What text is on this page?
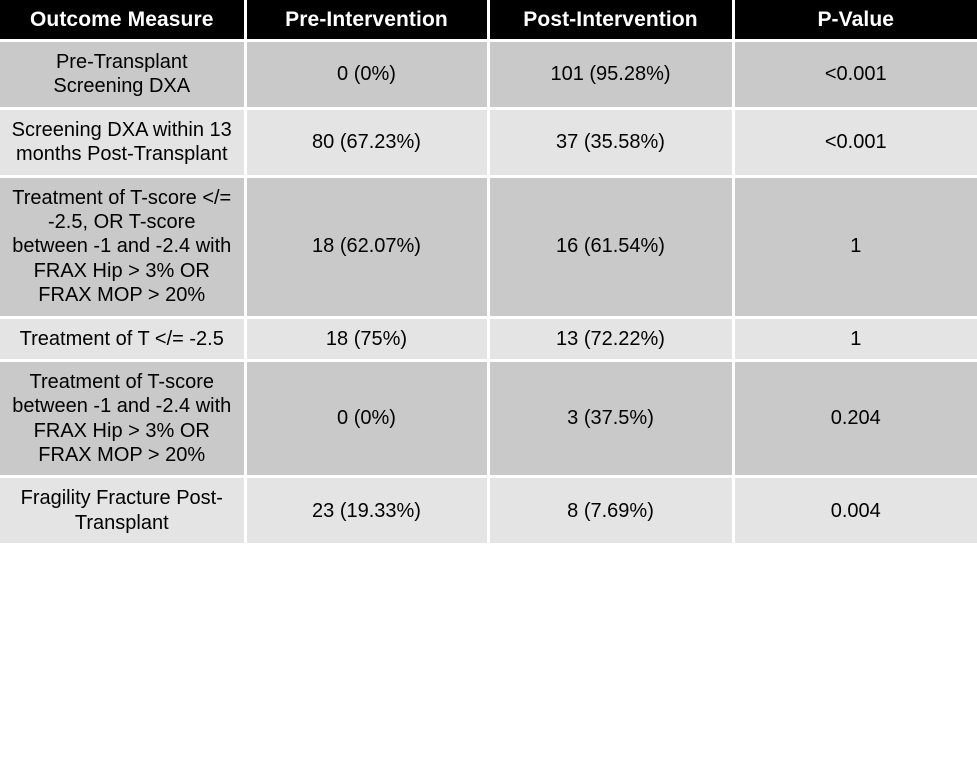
Outcome Measure	Pre-Intervention	Post-Intervention	P-Value
Pre-Transplant Screening DXA	0 (0%)	101 (95.28%)	<0.001
Screening DXA within 13 months Post-Transplant	80 (67.23%)	37 (35.58%)	<0.001
Treatment of T-score </= -2.5, OR T-score between -1 and -2.4 with FRAX Hip > 3% OR FRAX MOP > 20%	18 (62.07%)	16 (61.54%)	1
Treatment of T </= -2.5	18 (75%)	13 (72.22%)	1
Treatment of T-score between -1 and -2.4 with FRAX Hip > 3% OR FRAX MOP > 20%	0 (0%)	3 (37.5%)	0.204
Fragility Fracture Post-Transplant	23 (19.33%)	8 (7.69%)	0.004
